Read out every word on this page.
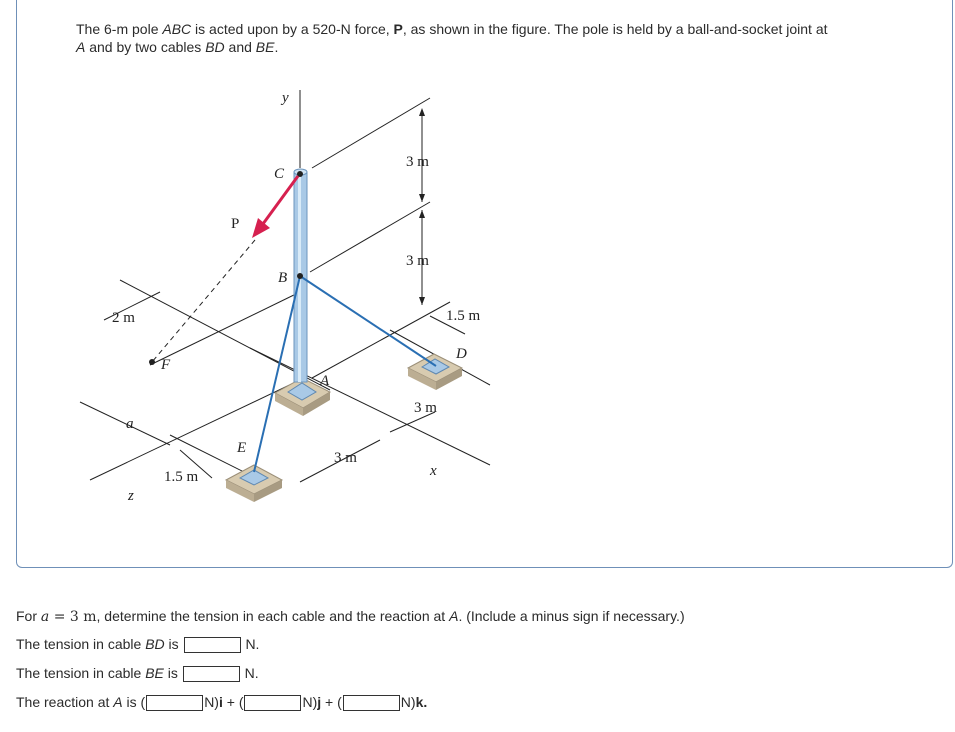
The 6-m pole ABC is acted upon by a 520-N force, P, as shown in the figure. The pole is held by a ball-and-socket joint at
A and by two cables BD and BE.
y
C
P
B
A
D
E
F
x
z
a
3 m
3 m
1.5 m
3 m
3 m
2 m
1.5 m
For a = 3 m, determine the tension in each cable and the reaction at A. (Include a minus sign if necessary.)
The tension in cable BD is	N.
The tension in cable BE is	N.
The reaction at A is (	N)i + (	N)j + (	N)k.
